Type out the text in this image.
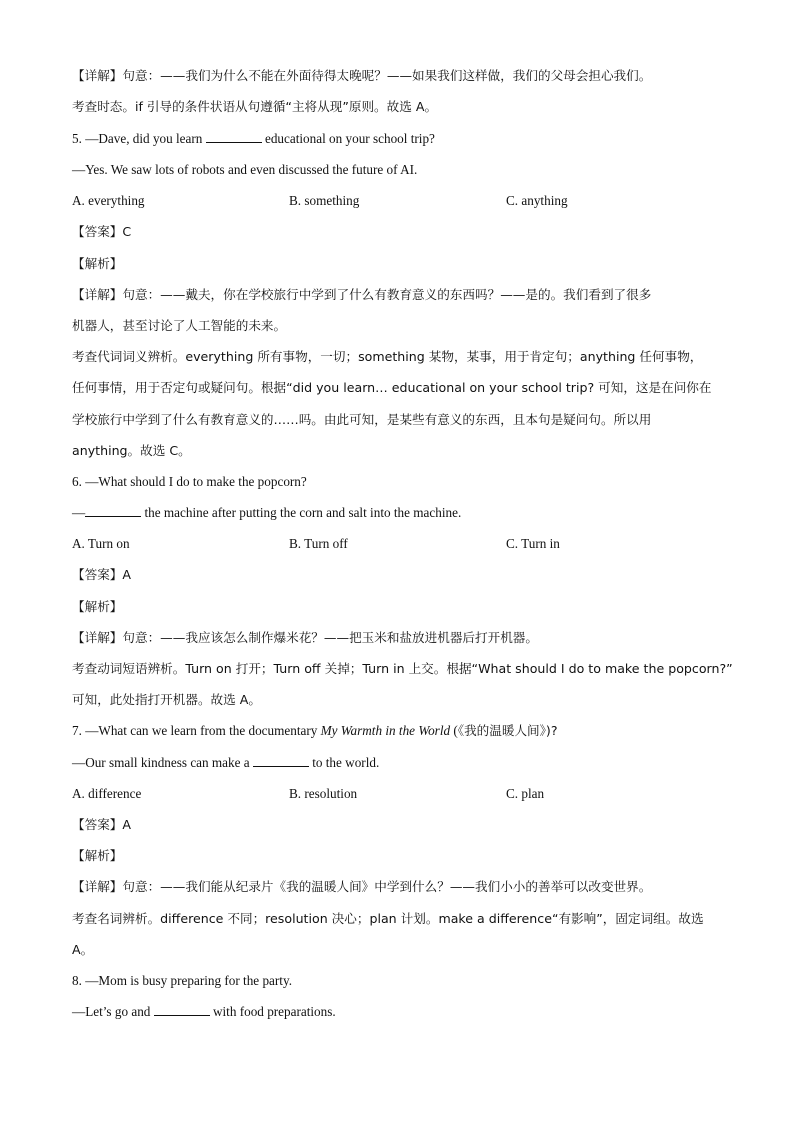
【详解】句意：——我们为什么不能在外面待得太晚呢？——如果我们这样做，我们的父母会担心我们。
考查时态。if 引导的条件状语从句遵循“主将从现”原则。故选 A。
5. —Dave, did you learn	educational on your school trip?
—Yes. We saw lots of robots and even discussed the future of AI.
A. everything	B. something	C. anything
【答案】C
【解析】
【详解】句意：——戴夫，你在学校旅行中学到了什么有教育意义的东西吗？——是的。我们看到了很多
机器人，甚至讨论了人工智能的未来。
考查代词词义辨析。everything 所有事物，一切；something 某物，某事，用于肯定句；anything 任何事物，
任何事情，用于否定句或疑问句。根据“did you learn… educational on your school trip? 可知，这是在问你在
学校旅行中学到了什么有教育意义的……吗。由此可知，是某些有意义的东西，且本句是疑问句。所以用
anything。故选 C。
6. —What should I do to make the popcorn?
—	the machine after putting the corn and salt into the machine.
A. Turn on	B. Turn off	C. Turn in
【答案】A
【解析】
【详解】句意：——我应该怎么制作爆米花？——把玉米和盐放进机器后打开机器。
考查动词短语辨析。Turn on 打开；Turn off 关掉；Turn in 上交。根据“What should I do to make the popcorn?”
可知，此处指打开机器。故选 A。
7. —What can we learn from the documentary My Warmth in the World (《我的温暖人间》)?
—Our small kindness can make a	to the world.
A. difference	B. resolution	C. plan
【答案】A
【解析】
【详解】句意：——我们能从纪录片《我的温暖人间》中学到什么？——我们小小的善举可以改变世界。
考查名词辨析。difference 不同；resolution 决心；plan 计划。make a difference“有影响”，固定词组。故选
A。
8. —Mom is busy preparing for the party.
—Let’s go and	with food preparations.
